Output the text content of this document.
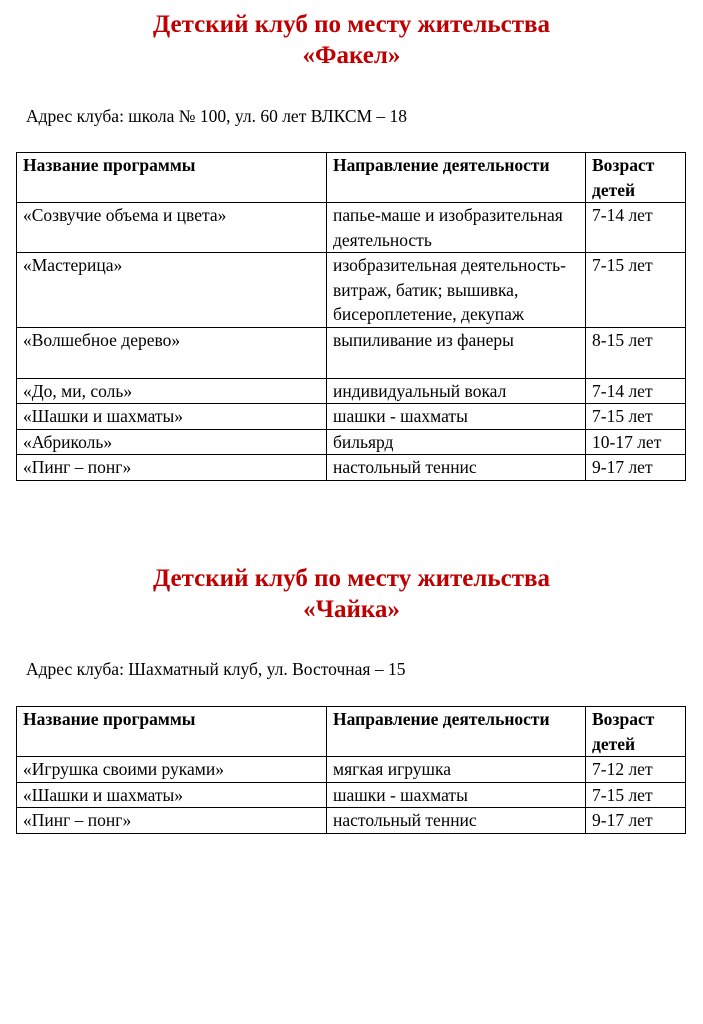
Детский клуб по месту жительства
«Факел»
Адрес клуба: школа № 100, ул. 60 лет ВЛКСМ – 18
Название программы	Направление деятельности	Возраст детей
«Созвучие объема и цвета»	папье-маше и изобразительная деятельность	7-14 лет
«Мастерица»	изобразительная деятельность-витраж, батик; вышивка, бисероплетение, декупаж	7-15 лет
«Волшебное дерево»	выпиливание из фанеры	8-15 лет
«До, ми, соль»	индивидуальный вокал	7-14 лет
«Шашки и шахматы»	шашки - шахматы	7-15 лет
«Абриколь»	бильярд	10-17 лет
«Пинг – понг»	настольный теннис	9-17 лет
Детский клуб по месту жительства
«Чайка»
Адрес клуба: Шахматный клуб, ул. Восточная – 15
Название программы	Направление деятельности	Возраст детей
«Игрушка своими руками»	мягкая игрушка	7-12 лет
«Шашки и шахматы»	шашки - шахматы	7-15 лет
«Пинг – понг»	настольный теннис	9-17 лет
